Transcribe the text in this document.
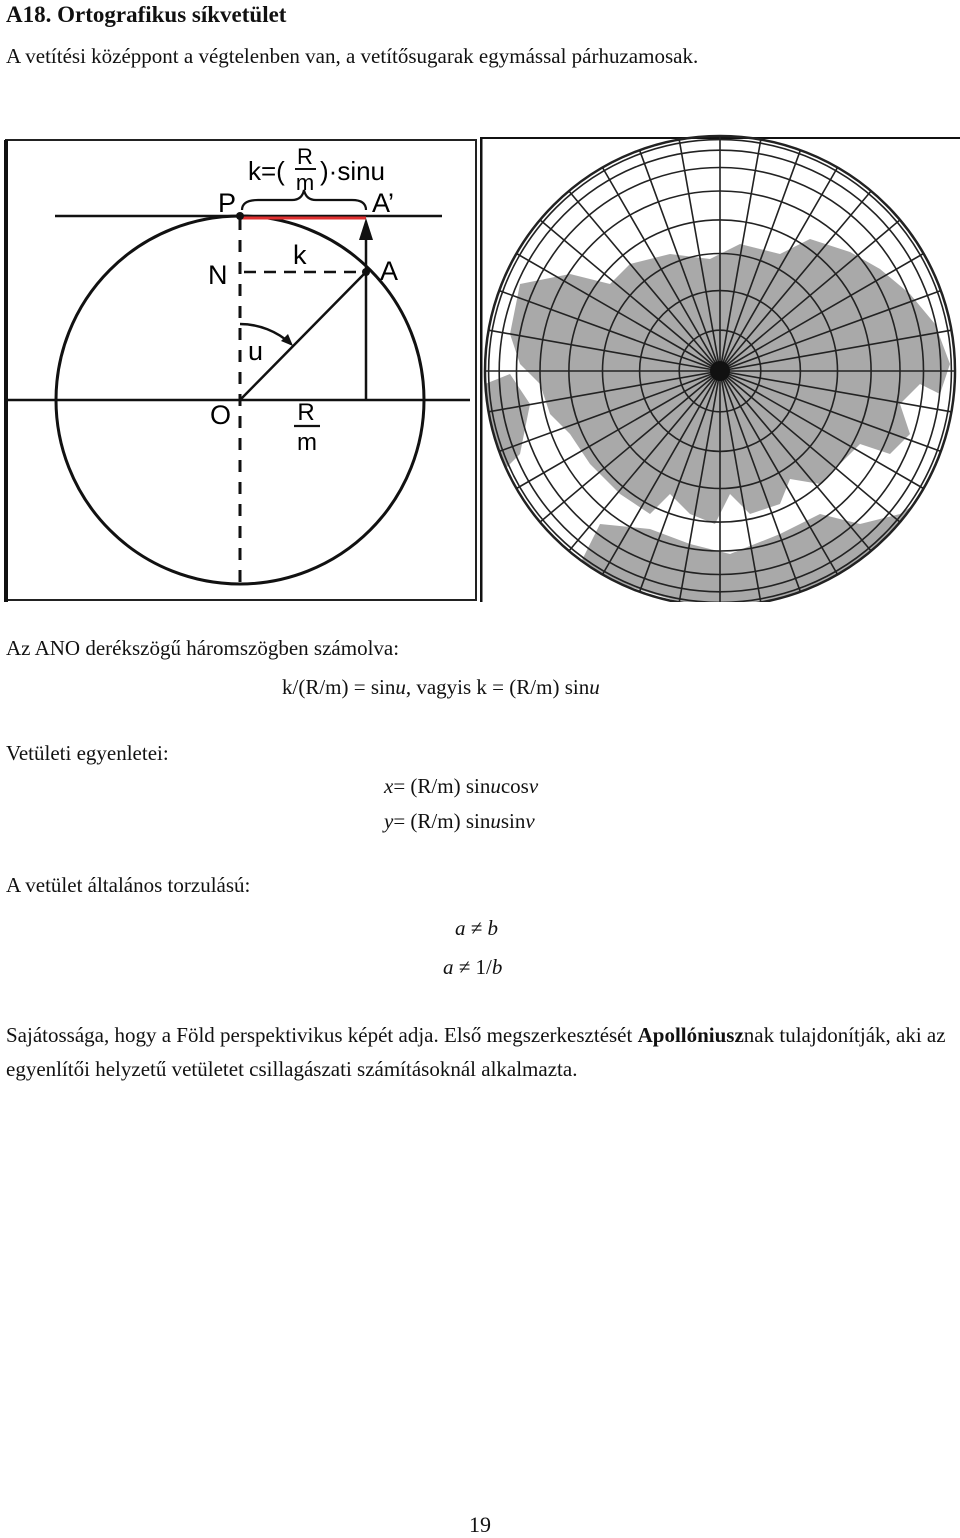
A18. Ortografikus síkvetület
A vetítési középpont a végtelenben van, a vetítősugarak egymással párhuzamosak.
k=( R
m )·sinu
P	A’
N
k
A
u
O	R
m
Az ANO derékszögű háromszögben számolva:
k/(R/m) = sinu, vagyis k = (R/m) sinu
Vetületi egyenletei:
x= (R/m) sinucosv
y= (R/m) sinusinv
A vetület általános torzulású:
a ≠ b
a ≠ 1/b
Sajátossága, hogy a Föld perspektivikus képét adja. Első megszerkesztését Apollóniusznak tulajdonítják, aki az egyenlítői helyzetű vetületet csillagászati számításoknál alkalmazta.
19
